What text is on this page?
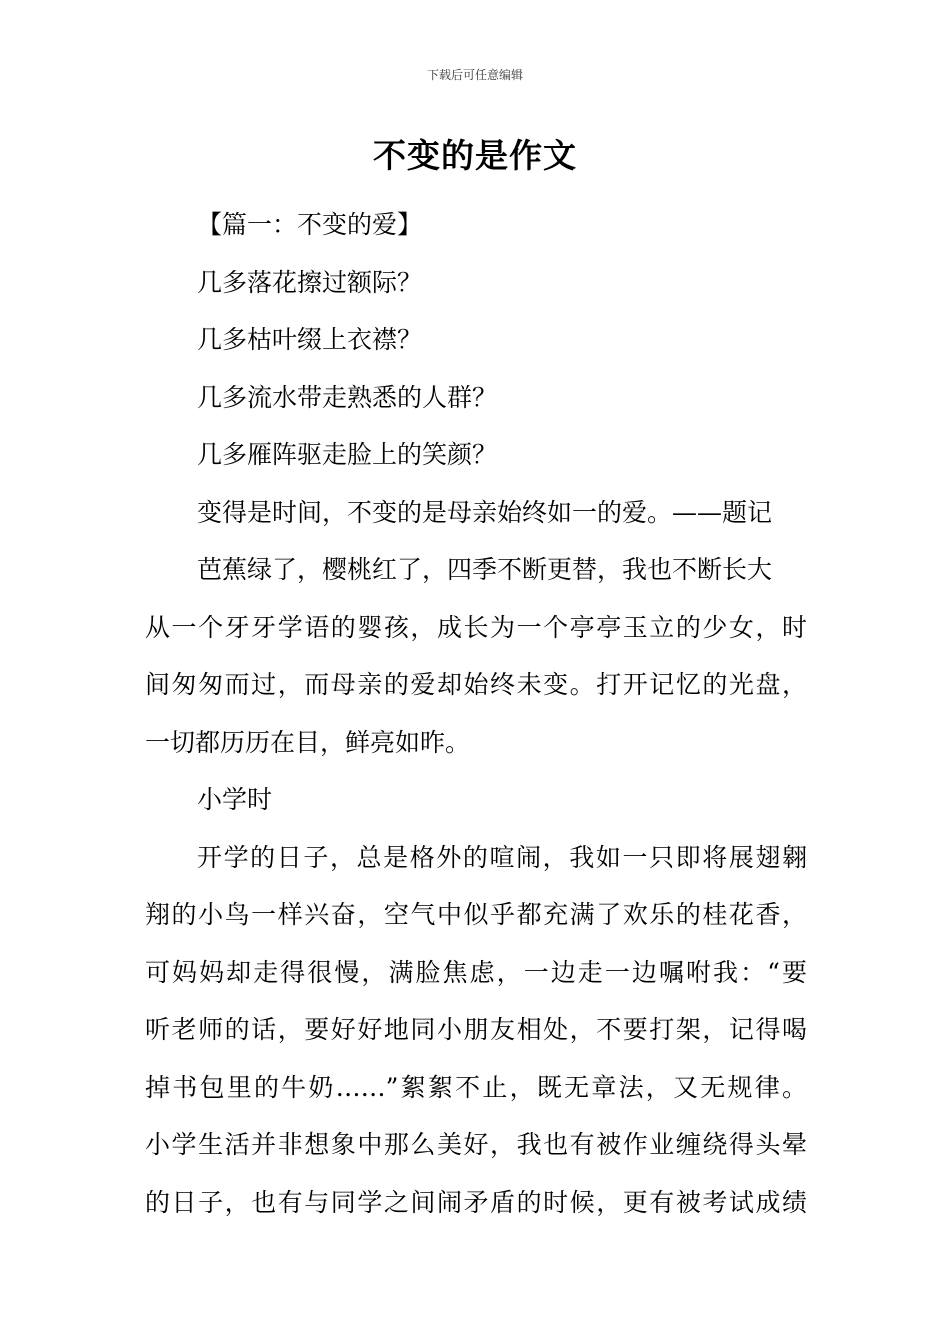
下载后可任意编辑
不变的是作文
【篇一：不变的爱】
几多落花擦过额际？
几多枯叶缀上衣襟？
几多流水带走熟悉的人群？
几多雁阵驱走脸上的笑颜？
变得是时间，不变的是母亲始终如一的爱。——题记
芭蕉绿了，樱桃红了，四季不断更替，我也不断长大
从一个牙牙学语的婴孩，成长为一个亭亭玉立的少女，时
间匆匆而过，而母亲的爱却始终未变。打开记忆的光盘，
一切都历历在目，鲜亮如昨。
小学时
开学的日子，总是格外的喧闹，我如一只即将展翅翱
翔的小鸟一样兴奋，空气中似乎都充满了欢乐的桂花香，
可妈妈却走得很慢，满脸焦虑，一边走一边嘱咐我：“要
听老师的话，要好好地同小朋友相处，不要打架，记得喝
掉书包里的牛奶……”絮絮不止，既无章法，又无规律。
小学生活并非想象中那么美好，我也有被作业缠绕得头晕
的日子，也有与同学之间闹矛盾的时候，更有被考试成绩
